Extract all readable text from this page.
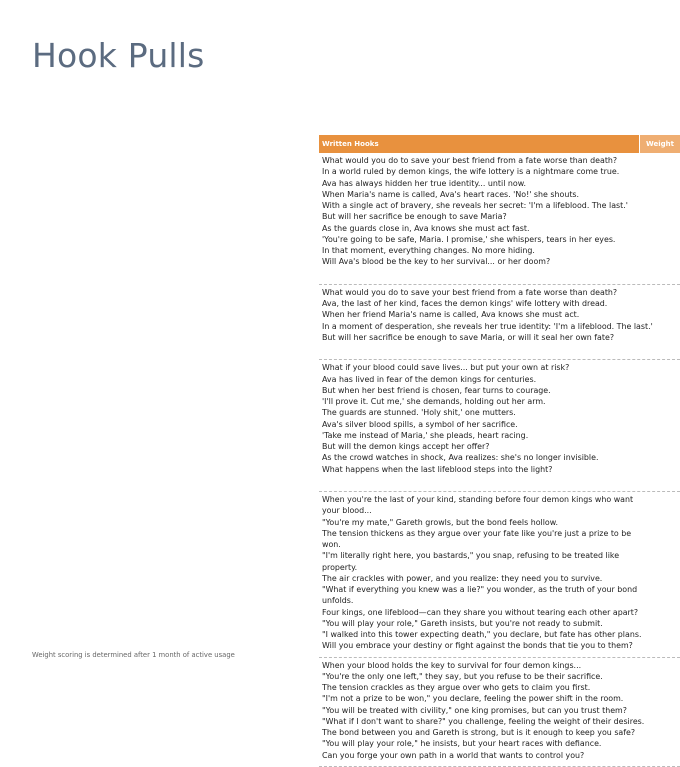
Hook Pulls
Weight scoring is determined after 1 month of active usage
Written Hooks	Weight
What would you do to save your best friend from a fate worse than death?
In a world ruled by demon kings, the wife lottery is a nightmare come true.
Ava has always hidden her true identity... until now.
When Maria's name is called, Ava's heart races. 'No!' she shouts.
With a single act of bravery, she reveals her secret: 'I'm a lifeblood. The last.'
But will her sacrifice be enough to save Maria?
As the guards close in, Ava knows she must act fast.
'You're going to be safe, Maria. I promise,' she whispers, tears in her eyes.
In that moment, everything changes. No more hiding.
Will Ava's blood be the key to her survival... or her doom?
What would you do to save your best friend from a fate worse than death?
Ava, the last of her kind, faces the demon kings' wife lottery with dread.
When her friend Maria's name is called, Ava knows she must act.
In a moment of desperation, she reveals her true identity: 'I'm a lifeblood. The last.'
But will her sacrifice be enough to save Maria, or will it seal her own fate?
What if your blood could save lives... but put your own at risk?
Ava has lived in fear of the demon kings for centuries.
But when her best friend is chosen, fear turns to courage.
'I'll prove it. Cut me,' she demands, holding out her arm.
The guards are stunned. 'Holy shit,' one mutters.
Ava's silver blood spills, a symbol of her sacrifice.
'Take me instead of Maria,' she pleads, heart racing.
But will the demon kings accept her offer?
As the crowd watches in shock, Ava realizes: she's no longer invisible.
What happens when the last lifeblood steps into the light?
When you're the last of your kind, standing before four demon kings who want your blood...
"You're my mate," Gareth growls, but the bond feels hollow.
The tension thickens as they argue over your fate like you're just a prize to be won.
"I'm literally right here, you bastards," you snap, refusing to be treated like property.
The air crackles with power, and you realize: they need you to survive.
"What if everything you knew was a lie?" you wonder, as the truth of your bond unfolds.
Four kings, one lifeblood—can they share you without tearing each other apart?
"You will play your role," Gareth insists, but you're not ready to submit.
"I walked into this tower expecting death," you declare, but fate has other plans.
Will you embrace your destiny or fight against the bonds that tie you to them?
When your blood holds the key to survival for four demon kings...
"You're the only one left," they say, but you refuse to be their sacrifice.
The tension crackles as they argue over who gets to claim you first.
"I'm not a prize to be won," you declare, feeling the power shift in the room.
"You will be treated with civility," one king promises, but can you trust them?
"What if I don't want to share?" you challenge, feeling the weight of their desires.
The bond between you and Gareth is strong, but is it enough to keep you safe?
"You will play your role," he insists, but your heart races with defiance.
Can you forge your own path in a world that wants to control you?
